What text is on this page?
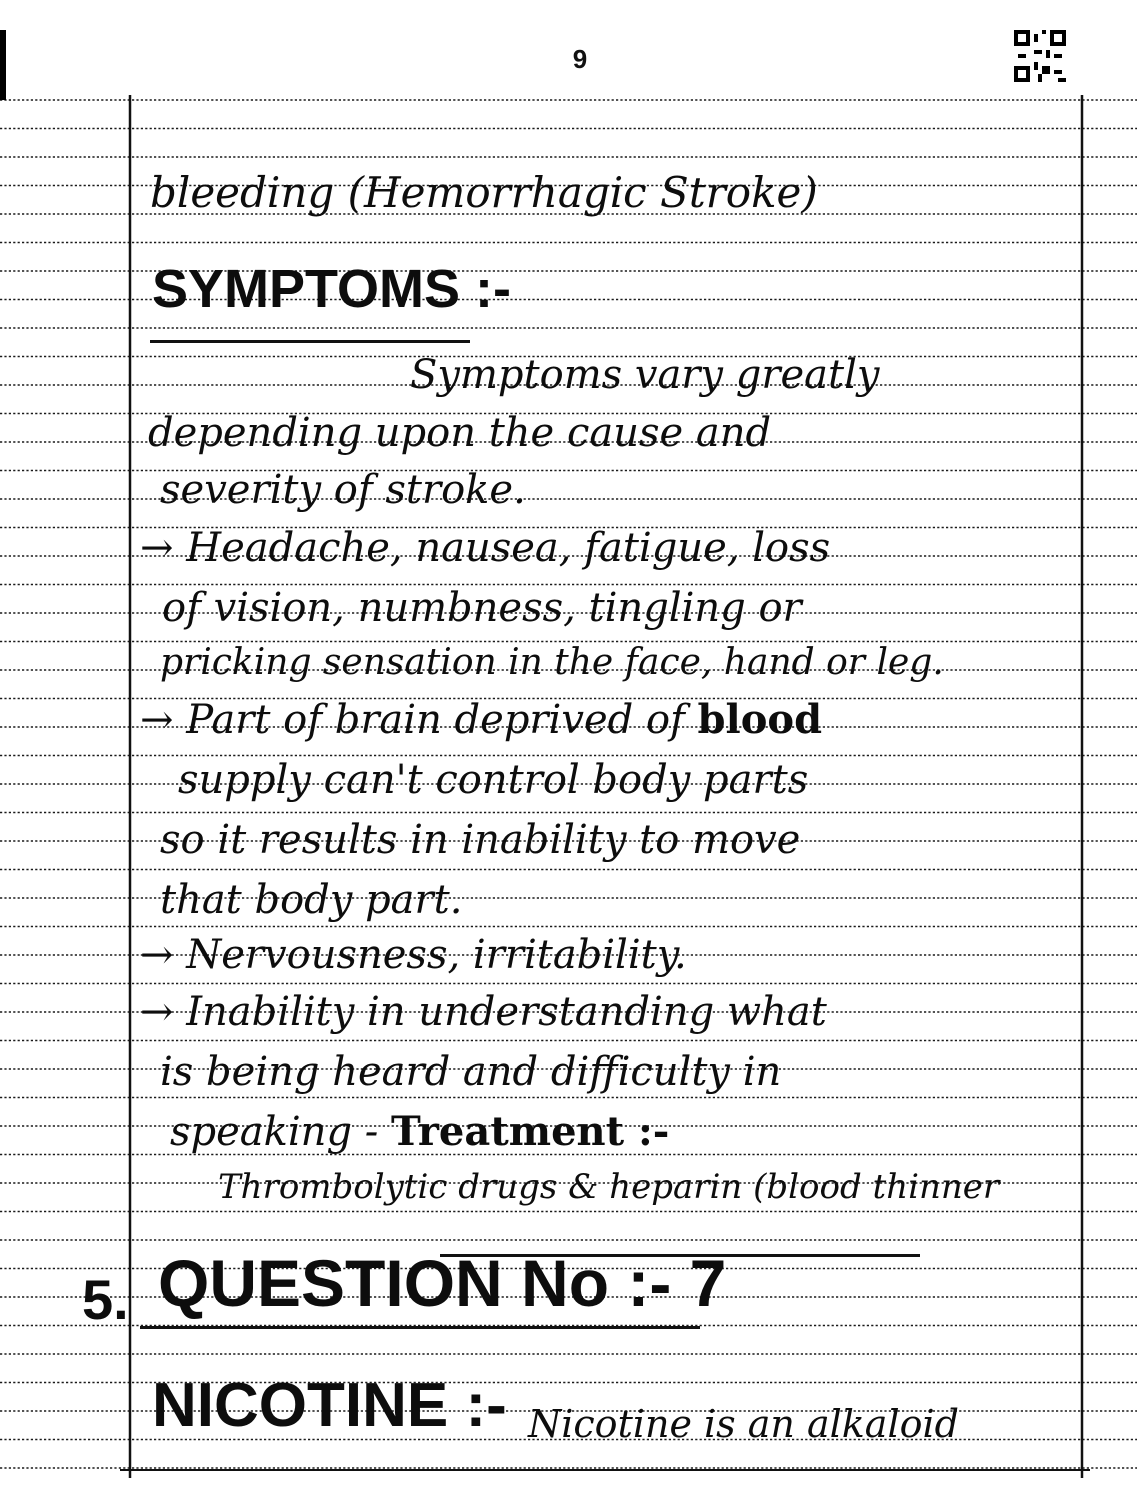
9
bleeding (Hemorrhagic Stroke)
SYMPTOMS :-
Symptoms vary greatly
depending upon the cause and
severity of stroke.
→ Headache, nausea, fatigue, loss
of vision, numbness, tingling or
pricking sensation in the face, hand or leg.
→ Part of brain deprived of blood
supply can't control body parts
so it results in inability to move
that body part.
→ Nervousness, irritability.
→ Inability in understanding what
is being heard and difficulty in
speaking - Treatment :-
Thrombolytic drugs & heparin (blood thinner
5. QUESTION No :- 7
NICOTINE :- Nicotine is an alkaloid
